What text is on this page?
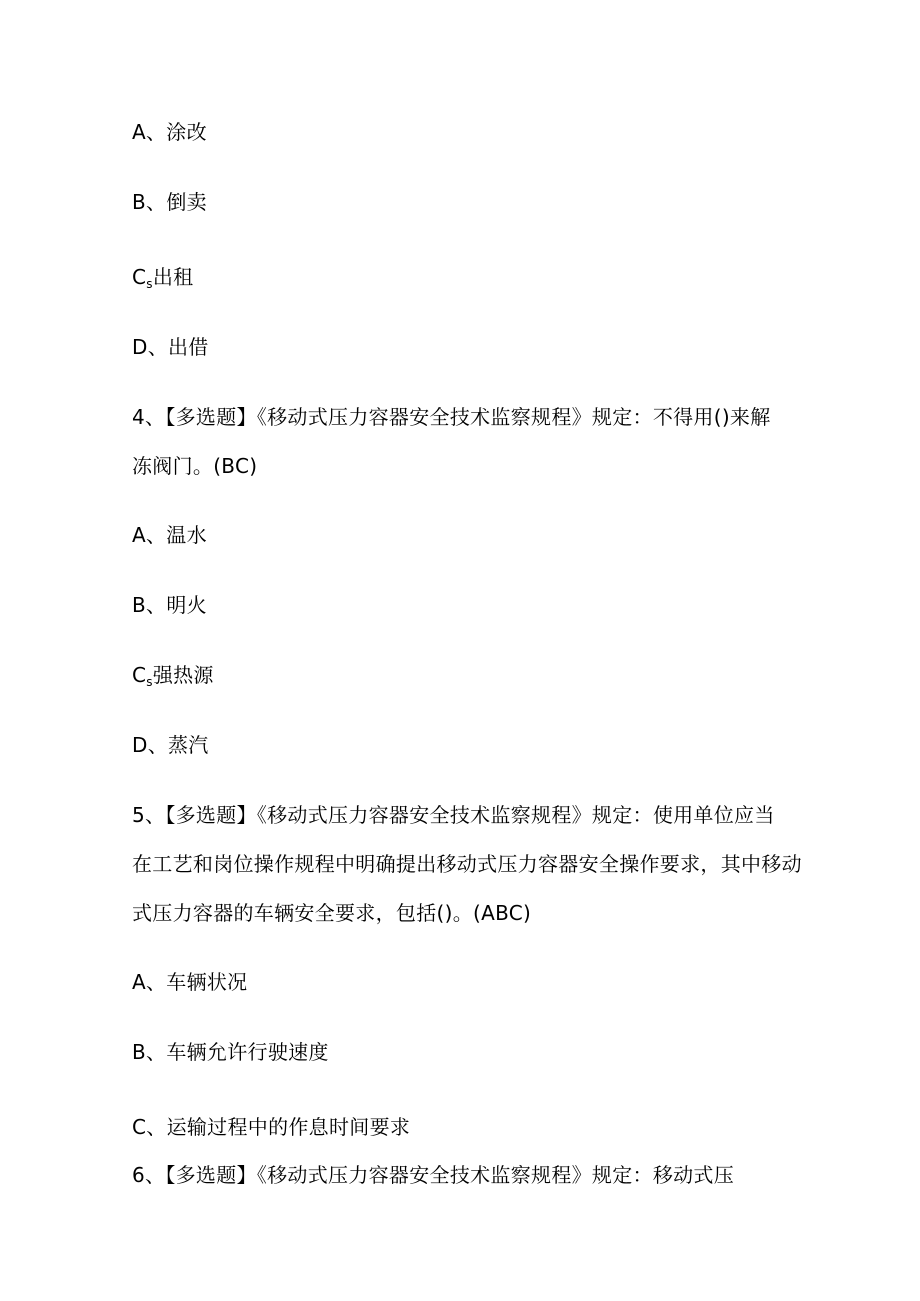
A、涂改
B、倒卖
$C_s$出租
D、出借
4、【多选题】《移动式压力容器安全技术监察规程》规定：不得用()来解
冻阀门。(BC)
A、温水
B、明火
$C_s$强热源
D、蒸汽
5、【多选题】《移动式压力容器安全技术监察规程》规定：使用单位应当
在工艺和岗位操作规程中明确提出移动式压力容器安全操作要求，其中移动
式压力容器的车辆安全要求，包括()。(ABC)
A、车辆状况
B、车辆允许行驶速度
C、运输过程中的作息时间要求
6、【多选题】《移动式压力容器安全技术监察规程》规定：移动式压
